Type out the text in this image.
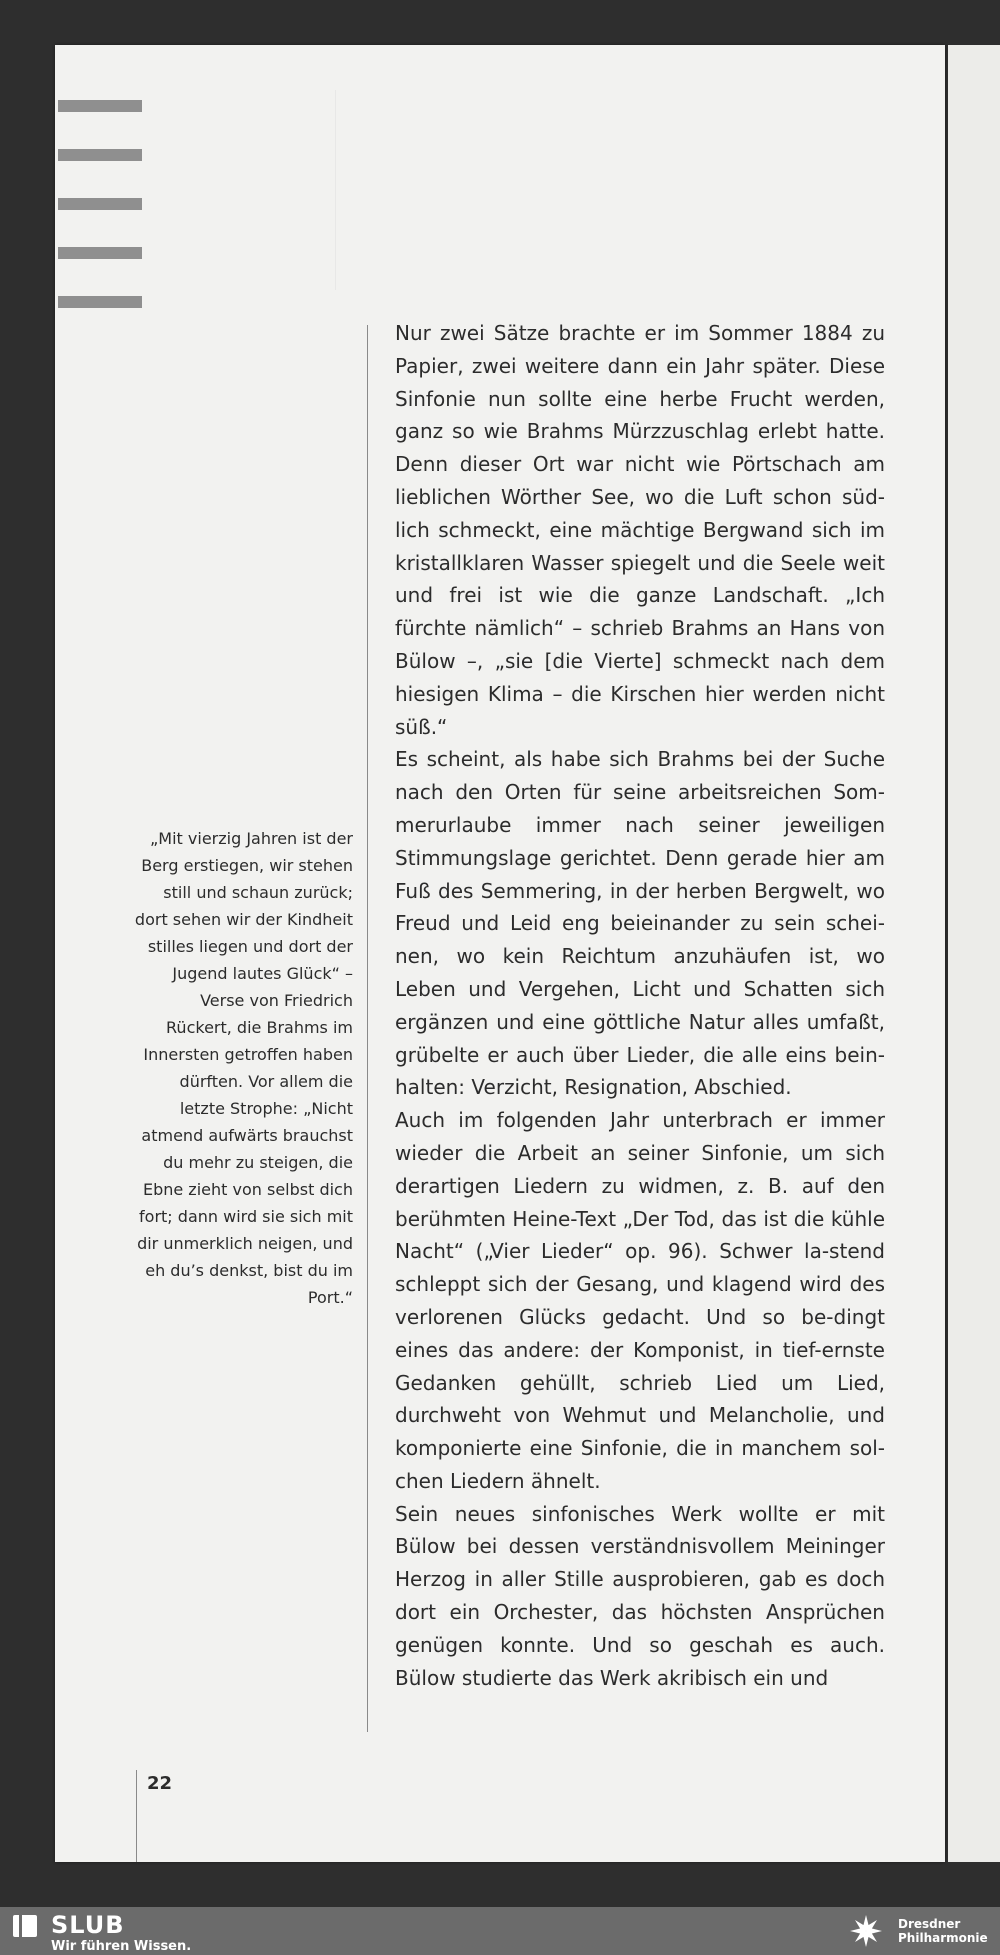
Nur zwei Sätze brachte er im Sommer 1884 zu Papier, zwei weitere dann ein Jahr später. Diese Sinfonie nun sollte eine herbe Frucht werden, ganz so wie Brahms Mürzzuschlag erlebt hatte. Denn dieser Ort war nicht wie Pörtschach am lieblichen Wörther See, wo die Luft schon süd-lich schmeckt, eine mächtige Bergwand sich im kristallklaren Wasser spiegelt und die Seele weit und frei ist wie die ganze Landschaft. „Ich fürchte nämlich“ – schrieb Brahms an Hans von Bülow –, „sie [die Vierte] schmeckt nach dem hiesigen Klima – die Kirschen hier werden nicht süß.“

Es scheint, als habe sich Brahms bei der Suche nach den Orten für seine arbeitsreichen Som-merurlaube immer nach seiner jeweiligen Stimmungslage gerichtet. Denn gerade hier am Fuß des Semmering, in der herben Bergwelt, wo Freud und Leid eng beieinander zu sein schei-nen, wo kein Reichtum anzuhäufen ist, wo Leben und Vergehen, Licht und Schatten sich ergänzen und eine göttliche Natur alles umfaßt, grübelte er auch über Lieder, die alle eins bein-halten: Verzicht, Resignation, Abschied.

Auch im folgenden Jahr unterbrach er immer wieder die Arbeit an seiner Sinfonie, um sich derartigen Liedern zu widmen, z. B. auf den berühmten Heine-Text „Der Tod, das ist die kühle Nacht“ („Vier Lieder“ op. 96). Schwer la-stend schleppt sich der Gesang, und klagend wird des verlorenen Glücks gedacht. Und so be-dingt eines das andere: der Komponist, in tief-ernste Gedanken gehüllt, schrieb Lied um Lied, durchweht von Wehmut und Melancholie, und komponierte eine Sinfonie, die in manchem sol-chen Liedern ähnelt.

Sein neues sinfonisches Werk wollte er mit Bülow bei dessen verständnisvollem Meininger Herzog in aller Stille ausprobieren, gab es doch dort ein Orchester, das höchsten Ansprüchen genügen konnte. Und so geschah es auch. Bülow studierte das Werk akribisch ein und

„Mit vierzig Jahren ist der Berg erstiegen, wir stehen still und schaun zurück; dort sehen wir der Kindheit stilles liegen und dort der Jugend lautes Glück“ – Verse von Friedrich Rückert, die Brahms im Innersten getroffen haben dürften. Vor allem die letzte Strophe: „Nicht atmend aufwärts brauchst du mehr zu steigen, die Ebne zieht von selbst dich fort; dann wird sie sich mit dir unmerklich neigen, und eh du’s denkst, bist du im Port.“
22
SLUB
Wir führen Wissen.
Dresdner
Philharmonie
